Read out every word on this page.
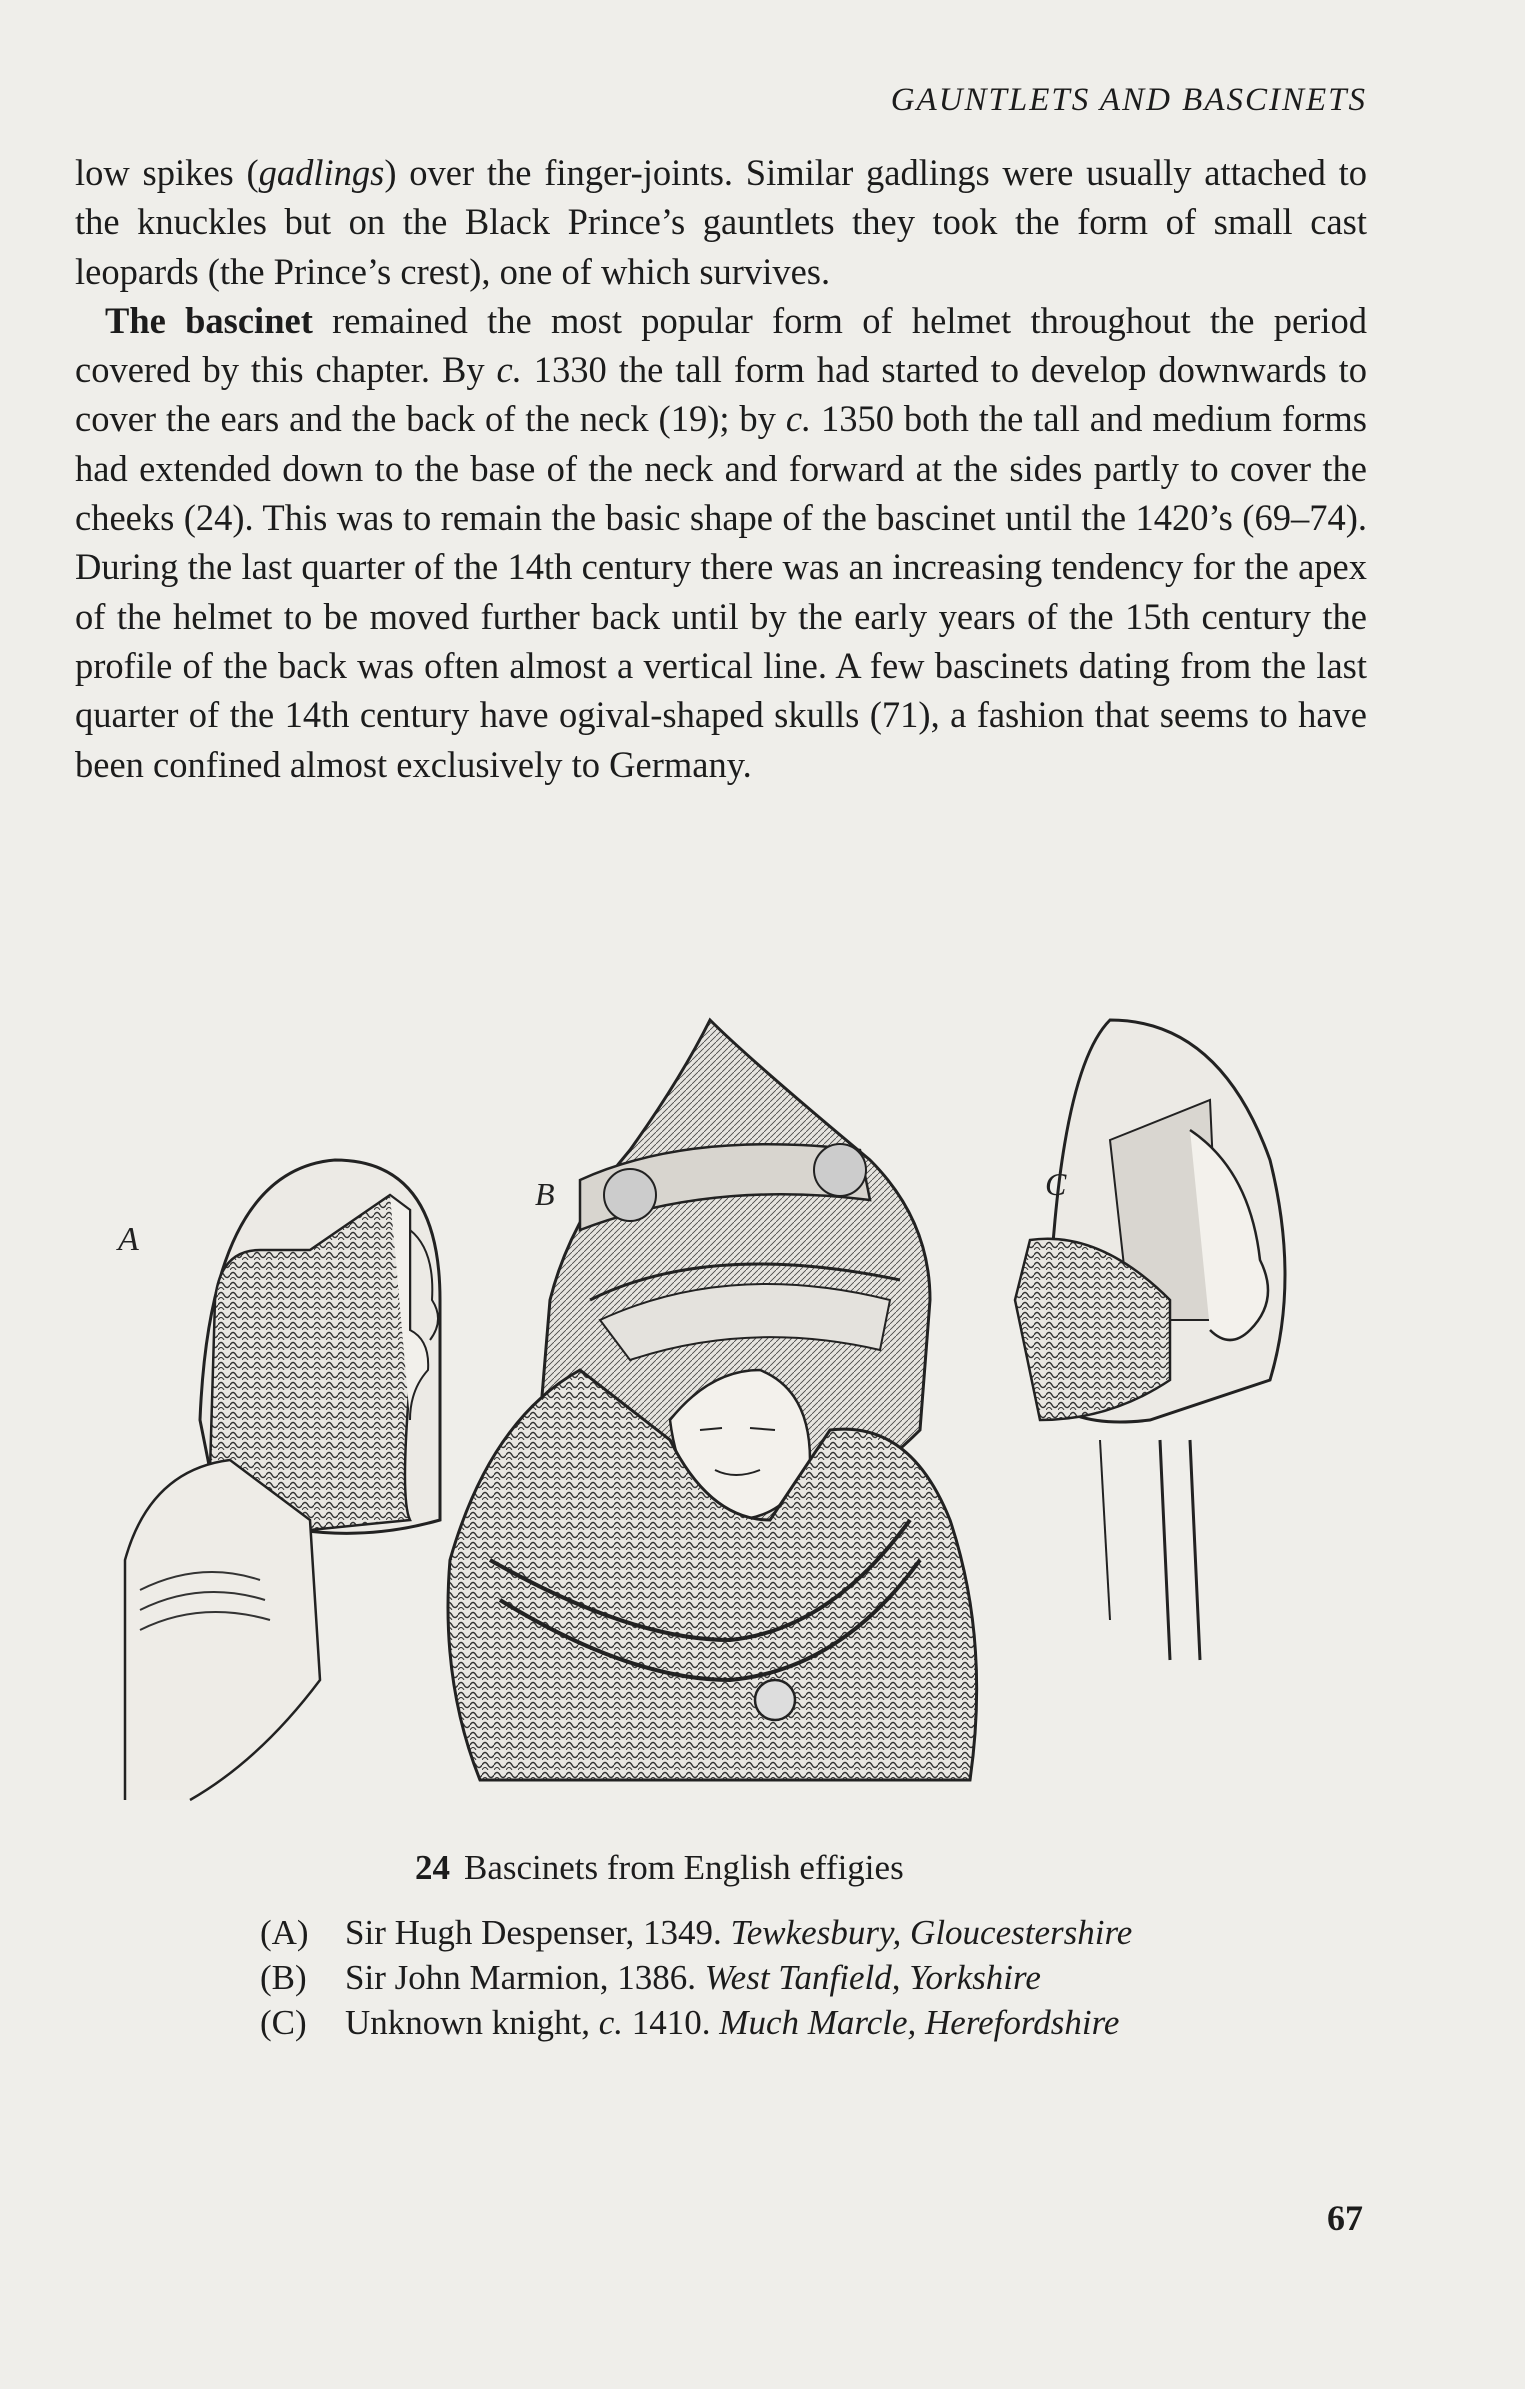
GAUNTLETS AND BASCINETS

low spikes (gadlings) over the finger-joints. Similar gadlings were usually attached to the knuckles but on the Black Prince’s gauntlets they took the form of small cast leopards (the Prince’s crest), one of which survives.

The bascinet remained the most popular form of helmet throughout the period covered by this chapter. By c. 1330 the tall form had started to develop downwards to cover the ears and the back of the neck (19); by c. 1350 both the tall and medium forms had extended down to the base of the neck and forward at the sides partly to cover the cheeks (24). This was to remain the basic shape of the bascinet until the 1420’s (69–74). During the last quarter of the 14th century there was an increasing tendency for the apex of the helmet to be moved further back until by the early years of the 15th century the profile of the back was often almost a vertical line. A few bascinets dating from the last quarter of the 14th century have ogival-shaped skulls (71), a fashion that seems to have been confined almost exclusively to Germany.

A
B	C
24 Bascinets from English effigies
(A)	Sir Hugh Despenser, 1349. Tewkesbury, Gloucestershire
(B)	Sir John Marmion, 1386. West Tanfield, Yorkshire
(C)	Unknown knight, c. 1410. Much Marcle, Herefordshire
67
